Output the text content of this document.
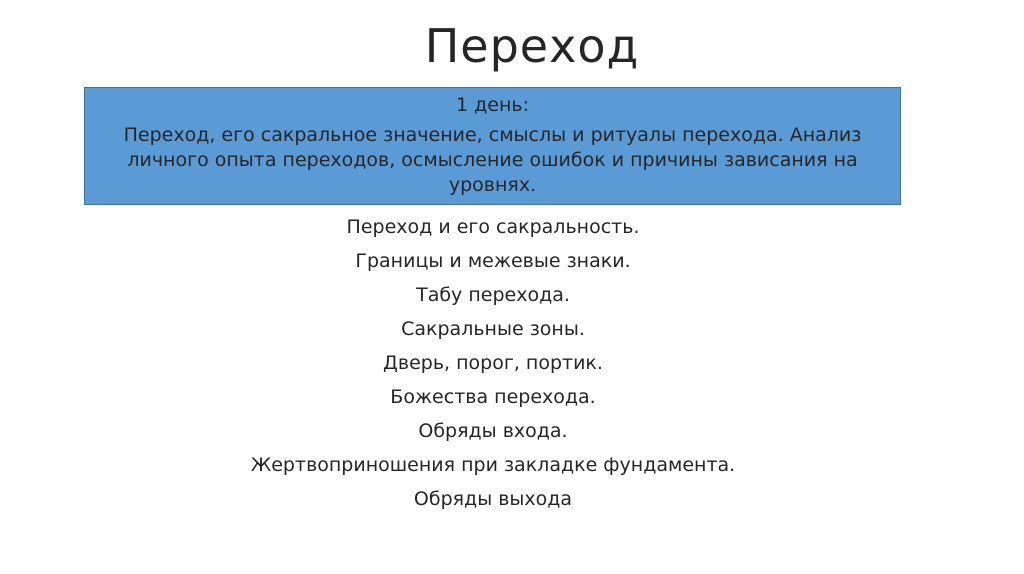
Переход
1 день:
Переход, его сакральное значение, смыслы и ритуалы перехода. Анализ личного опыта переходов, осмысление ошибок и причины зависания на уровнях.
Переход и его сакральность.
Границы и межевые знаки.
Табу перехода.
Сакральные зоны.
Дверь, порог, портик.
Божества перехода.
Обряды входа.
Жертвоприношения при закладке фундамента.
Обряды выхода
